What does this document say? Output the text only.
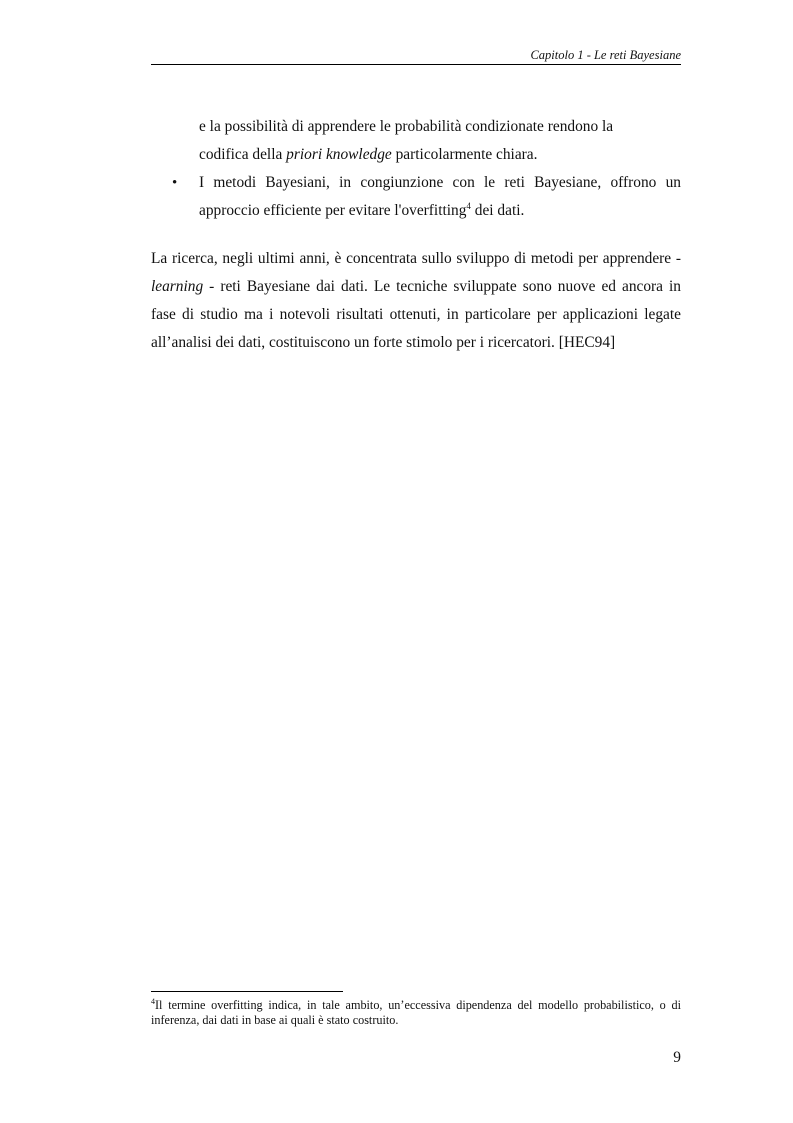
Capitolo 1 - Le reti Bayesiane

e la possibilità di apprendere le probabilità condizionate rendono la
codifica della priori knowledge particolarmente chiara.

• I metodi Bayesiani, in congiunzione con le reti Bayesiane, offrono un approccio efficiente per evitare l'overfitting$^4$ dei dati.

La ricerca, negli ultimi anni, è concentrata sullo sviluppo di metodi per apprendere - learning - reti Bayesiane dai dati. Le tecniche sviluppate sono nuove ed ancora in fase di studio ma i notevoli risultati ottenuti, in particolare per applicazioni legate all’analisi dei dati, costituiscono un forte stimolo per i ricercatori. [HEC94]

$^4$Il termine overfitting indica, in tale ambito, un’eccessiva dipendenza del modello probabilistico, o di inferenza, dai dati in base ai quali è stato costruito.

9
